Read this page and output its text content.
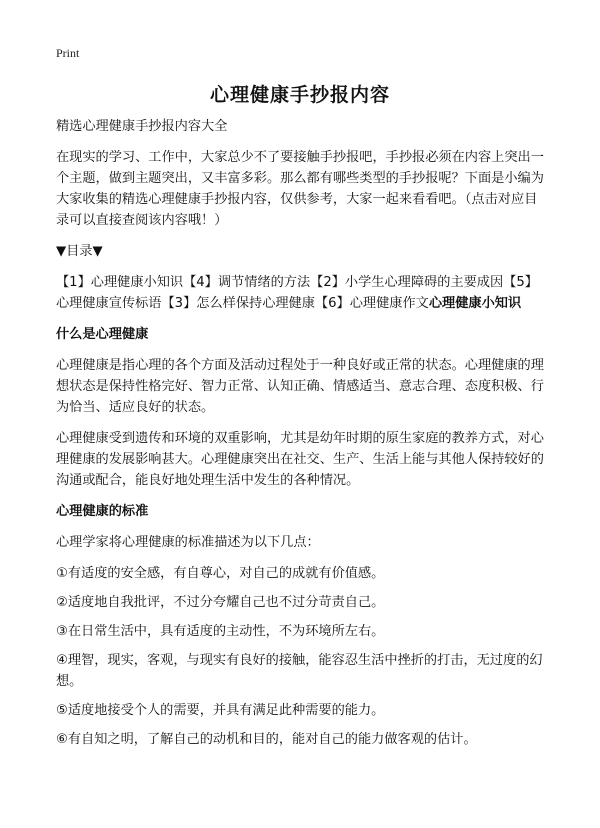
Print
心理健康手抄报内容

精选心理健康手抄报内容大全

在现实的学习、工作中，大家总少不了要接触手抄报吧，手抄报必须在内容上突出一个主题，做到主题突出，又丰富多彩。那么都有哪些类型的手抄报呢？下面是小编为大家收集的精选心理健康手抄报内容，仅供参考，大家一起来看看吧。（点击对应目录可以直接查阅该内容哦！）

▼目录▼

【1】心理健康小知识【4】调节情绪的方法【2】小学生心理障碍的主要成因【5】心理健康宣传标语【3】怎么样保持心理健康【6】心理健康作文心理健康小知识

什么是心理健康

心理健康是指心理的各个方面及活动过程处于一种良好或正常的状态。心理健康的理想状态是保持性格完好、智力正常、认知正确、情感适当、意志合理、态度积极、行为恰当、适应良好的状态。

心理健康受到遗传和环境的双重影响，尤其是幼年时期的原生家庭的教养方式，对心理健康的发展影响甚大。心理健康突出在社交、生产、生活上能与其他人保持较好的沟通或配合，能良好地处理生活中发生的各种情况。

心理健康的标准

心理学家将心理健康的标准描述为以下几点：

①有适度的安全感，有自尊心，对自己的成就有价值感。

②适度地自我批评，不过分夸耀自己也不过分苛责自己。

③在日常生活中，具有适度的主动性，不为环境所左右。

④理智，现实，客观，与现实有良好的接触，能容忍生活中挫折的打击，无过度的幻想。

⑤适度地接受个人的需要，并具有满足此种需要的能力。

⑥有自知之明，了解自己的动机和目的，能对自己的能力做客观的估计。
